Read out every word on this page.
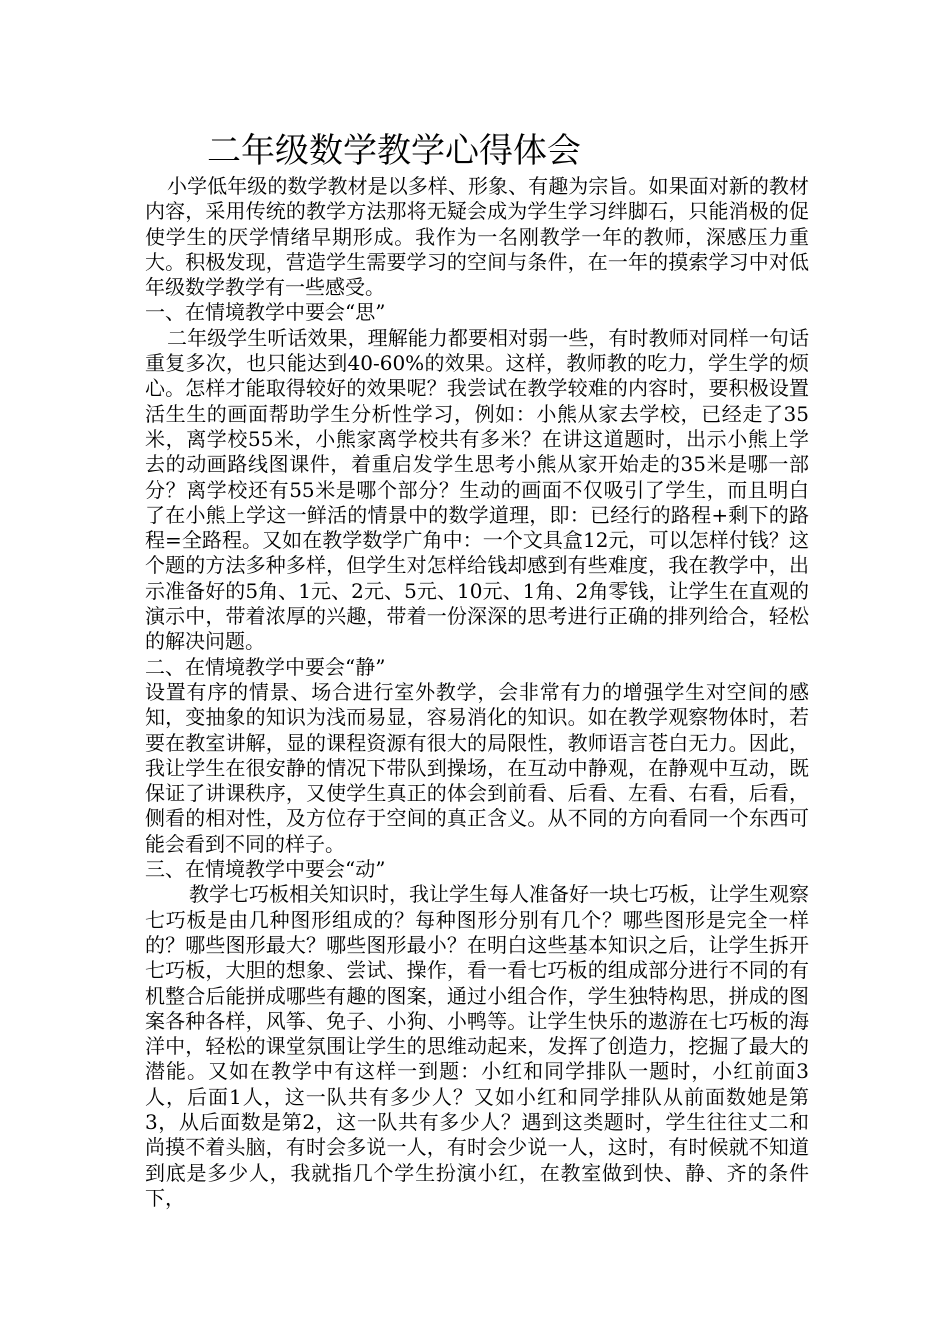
二年级数学教学心得体会

小学低年级的数学教材是以多样、形象、有趣为宗旨。如果面对新的教材内容，采用传统的教学方法那将无疑会成为学生学习绊脚石，只能消极的促使学生的厌学情绪早期形成。我作为一名刚教学一年的教师，深感压力重大。积极发现，营造学生需要学习的空间与条件，在一年的摸索学习中对低年级数学教学有一些感受。

一、在情境教学中要会“思”

二年级学生听话效果，理解能力都要相对弱一些，有时教师对同样一句话重复多次，也只能达到40-60%的效果。这样，教师教的吃力，学生学的烦心。怎样才能取得较好的效果呢？我尝试在教学较难的内容时，要积极设置活生生的画面帮助学生分析性学习，例如：小熊从家去学校，已经走了35米，离学校55米，小熊家离学校共有多米？在讲这道题时，出示小熊上学去的动画路线图课件，着重启发学生思考小熊从家开始走的35米是哪一部分？离学校还有55米是哪个部分？生动的画面不仅吸引了学生，而且明白了在小熊上学这一鲜活的情景中的数学道理，即：已经行的路程+剩下的路程=全路程。又如在教学数学广角中：一个文具盒12元，可以怎样付钱？这个题的方法多种多样，但学生对怎样给钱却感到有些难度，我在教学中，出示准备好的5角、1元、2元、5元、10元、1角、2角零钱，让学生在直观的演示中，带着浓厚的兴趣，带着一份深深的思考进行正确的排列给合，轻松的解决问题。

二、在情境教学中要会“静”

设置有序的情景、场合进行室外教学，会非常有力的增强学生对空间的感知，变抽象的知识为浅而易显，容易消化的知识。如在教学观察物体时，若要在教室讲解，显的课程资源有很大的局限性，教师语言苍白无力。因此，我让学生在很安静的情况下带队到操场，在互动中静观，在静观中互动，既保证了讲课秩序，又使学生真正的体会到前看、后看、左看、右看，后看，侧看的相对性，及方位存于空间的真正含义。从不同的方向看同一个东西可能会看到不同的样子。

三、在情境教学中要会“动”

教学七巧板相关知识时，我让学生每人准备好一块七巧板，让学生观察七巧板是由几种图形组成的？每种图形分别有几个？哪些图形是完全一样的？哪些图形最大？哪些图形最小？在明白这些基本知识之后，让学生拆开七巧板，大胆的想象、尝试、操作，看一看七巧板的组成部分进行不同的有机整合后能拼成哪些有趣的图案，通过小组合作，学生独特构思，拼成的图案各种各样，风筝、免子、小狗、小鸭等。让学生快乐的遨游在七巧板的海洋中，轻松的课堂氛围让学生的思维动起来，发挥了创造力，挖掘了最大的潜能。又如在教学中有这样一到题：小红和同学排队一题时，小红前面3人，后面1人，这一队共有多少人？又如小红和同学排队从前面数她是第3，从后面数是第2，这一队共有多少人？遇到这类题时，学生往往丈二和尚摸不着头脑，有时会多说一人，有时会少说一人，这时，有时候就不知道到底是多少人，我就指几个学生扮演小红，在教室做到快、静、齐的条件下，
